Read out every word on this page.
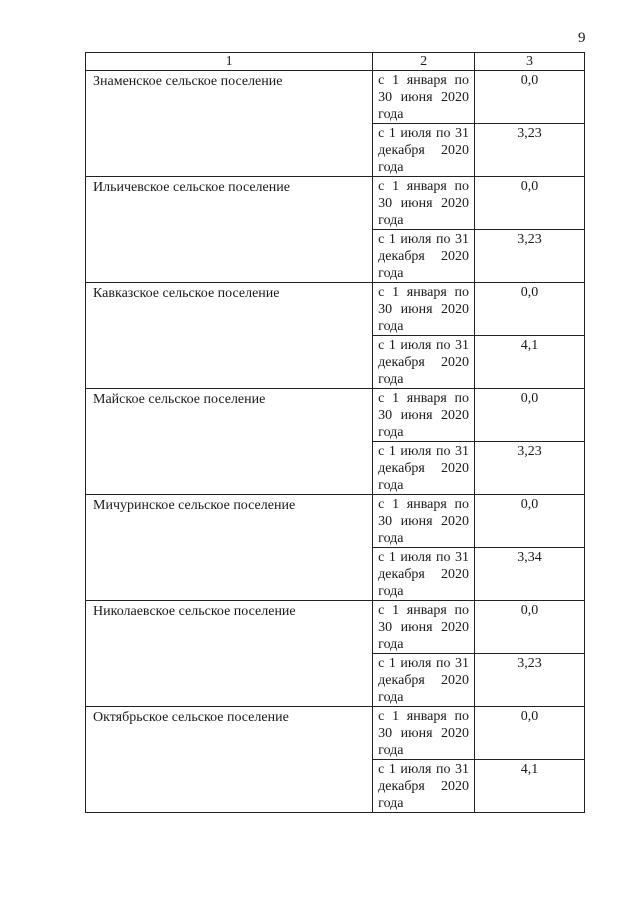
9
1	2	3
Знаменское сельское поселение	с 1 января по
30 июня 2020
года	0,0

	с 1 июля по 31
декабря 2020
года	3,23
Ильичевское сельское поселение	с 1 января по
30 июня 2020
года	0,0

	с 1 июля по 31
декабря 2020
года	3,23
Кавказское сельское поселение	с 1 января по
30 июня 2020
года	0,0

	с 1 июля по 31
декабря 2020
года	4,1
Майское сельское поселение	с 1 января по
30 июня 2020
года	0,0

	с 1 июля по 31
декабря 2020
года	3,23
Мичуринское сельское поселение	с 1 января по
30 июня 2020
года	0,0

	с 1 июля по 31
декабря 2020
года	3,34
Николаевское сельское поселение	с 1 января по
30 июня 2020
года	0,0

	с 1 июля по 31
декабря 2020
года	3,23
Октябрьское сельское поселение	с 1 января по
30 июня 2020
года	0,0

	с 1 июля по 31
декабря 2020
года	4,1
